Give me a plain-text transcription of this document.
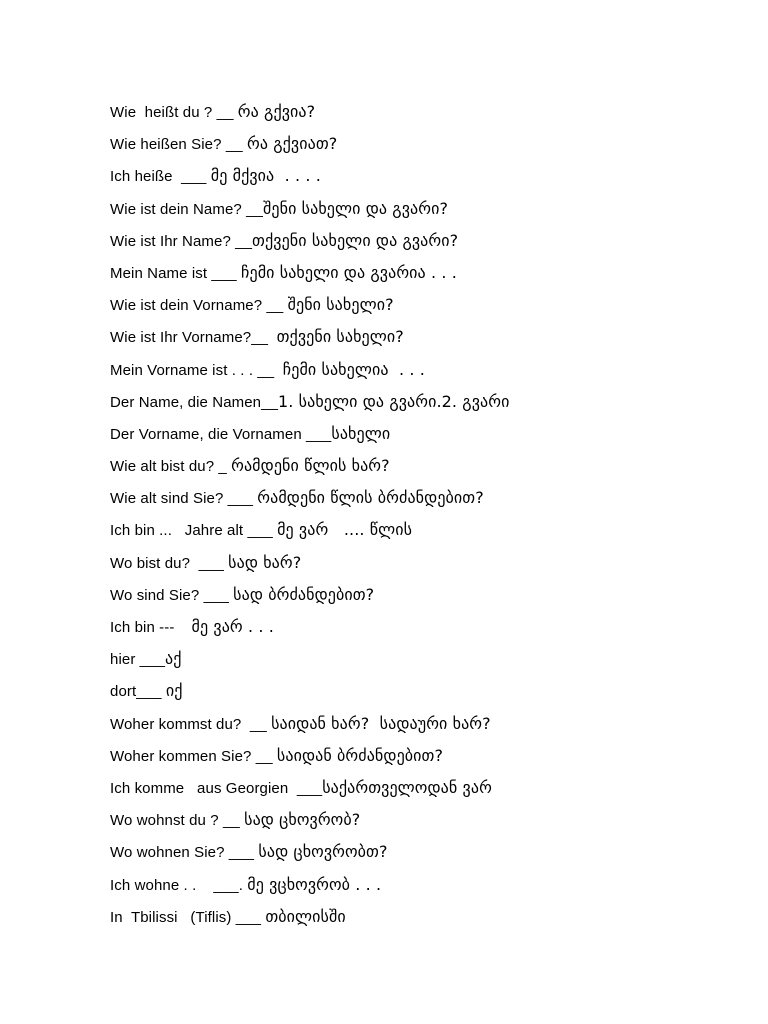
Wie  heißt du ? __ რა გქვია?
Wie heißen Sie? __ რა გქვიათ?
Ich heiße  ___ მე მქვია  . . . .
Wie ist dein Name? __შენი სახელი და გვარი?
Wie ist Ihr Name? __თქვენი სახელი და გვარი?
Mein Name ist ___ ჩემი სახელი და გვარია . . .
Wie ist dein Vorname? __ შენი სახელი?
Wie ist Ihr Vorname?__  თქვენი სახელი?
Mein Vorname ist . . . __  ჩემი სახელია  . . .
Der Name, die Namen__1. სახელი და გვარი.2. გვარი
Der Vorname, die Vornamen ___სახელი
Wie alt bist du? _ რამდენი წლის ხარ?
Wie alt sind Sie? ___ რამდენი წლის ბრძანდებით?
Ich bin ...   Jahre alt ___ მე ვარ   .... წლის
Wo bist du?  ___ სად ხარ?
Wo sind Sie? ___ სად ბრძანდებით?
Ich bin ---    მე ვარ . . .
hier ___აქ
dort___ იქ
Woher kommst du?  __ საიდან ხარ?  სადაური ხარ?
Woher kommen Sie? __ საიდან ბრძანდებით?
Ich komme   aus Georgien  ___საქართველოდან ვარ
Wo wohnst du ? __ სად ცხოვრობ?
Wo wohnen Sie? ___ სად ცხოვრობთ?
Ich wohne . .    ___. მე ვცხოვრობ . . .
In  Tbilissi   (Tiflis) ___ თბილისში
